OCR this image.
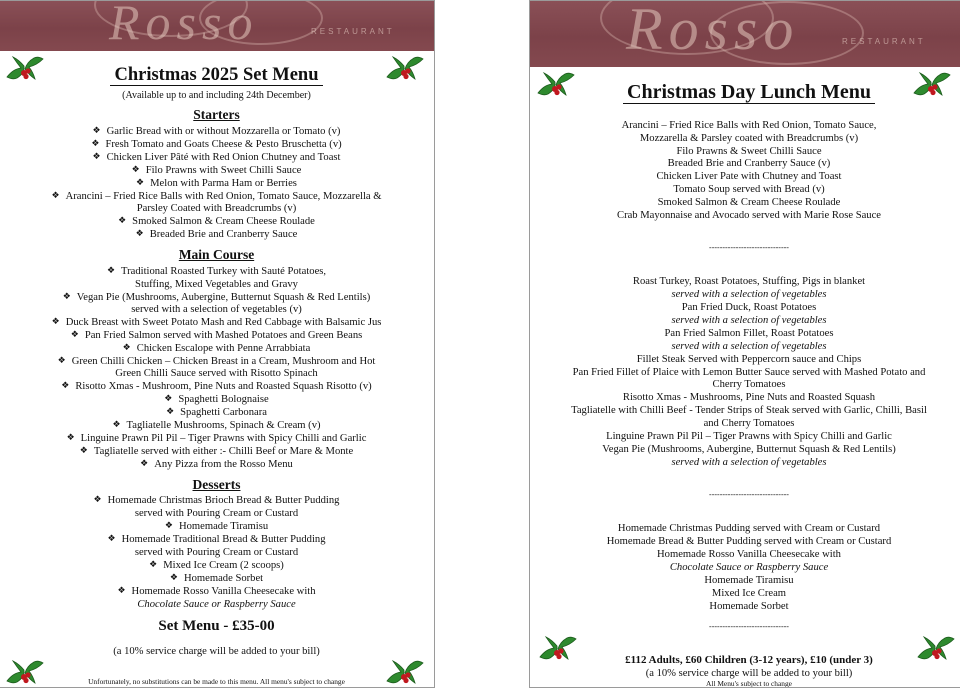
Rosso	RESTAURANT
Christmas 2025 Set Menu
(Available up to and including 24th December)
Starters
❖ Garlic Bread with or without Mozzarella or Tomato (v)
❖ Fresh Tomato and Goats Cheese & Pesto Bruschetta (v)
❖ Chicken Liver Pâté with Red Onion Chutney and Toast
❖ Filo Prawns with Sweet Chilli Sauce
❖ Melon with Parma Ham or Berries
❖ Arancini – Fried Rice Balls with Red Onion, Tomato Sauce, Mozzarella &
Parsley Coated with Breadcrumbs (v)
❖ Smoked Salmon & Cream Cheese Roulade
❖ Breaded Brie and Cranberry Sauce
Main Course
❖ Traditional Roasted Turkey with Sauté Potatoes,
Stuffing, Mixed Vegetables and Gravy
❖ Vegan Pie (Mushrooms, Aubergine, Butternut Squash & Red Lentils)
served with a selection of vegetables (v)
❖ Duck Breast with Sweet Potato Mash and Red Cabbage with Balsamic Jus
❖ Pan Fried Salmon served with Mashed Potatoes and Green Beans
❖ Chicken Escalope with Penne Arrabbiata
❖ Green Chilli Chicken – Chicken Breast in a Cream, Mushroom and Hot
Green Chilli Sauce served with Risotto Spinach
❖ Risotto Xmas - Mushroom, Pine Nuts and Roasted Squash Risotto (v)
❖ Spaghetti Bolognaise
❖ Spaghetti Carbonara
❖ Tagliatelle Mushrooms, Spinach & Cream (v)
❖ Linguine Prawn Pil Pil – Tiger Prawns with Spicy Chilli and Garlic
❖ Tagliatelle served with either :- Chilli Beef or Mare & Monte
❖ Any Pizza from the Rosso Menu
Desserts
❖ Homemade Christmas Brioch Bread & Butter Pudding
served with Pouring Cream or Custard
❖ Homemade Tiramisu
❖ Homemade Traditional Bread & Butter Pudding
served with Pouring Cream or Custard
❖ Mixed Ice Cream (2 scoops)
❖ Homemade Sorbet
❖ Homemade Rosso Vanilla Cheesecake with
Chocolate Sauce or Raspberry Sauce
Set Menu - £35-00
(a 10% service charge will be added to your bill)
Unfortunately, no substitutions can be made to this menu. All menu's subject to change
Rosso	RESTAURANT
Christmas Day Lunch Menu
Arancini – Fried Rice Balls with Red Onion, Tomato Sauce,
Mozzarella & Parsley coated with Breadcrumbs (v)
Filo Prawns & Sweet Chilli Sauce
Breaded Brie and Cranberry Sauce (v)
Chicken Liver Pate with Chutney and Toast
Tomato Soup served with Bread (v)
Smoked Salmon & Cream Cheese Roulade
Crab Mayonnaise and Avocado served with Marie Rose Sauce
------------------------------
Roast Turkey, Roast Potatoes, Stuffing, Pigs in blanket
served with a selection of vegetables
Pan Fried Duck, Roast Potatoes
served with a selection of vegetables
Pan Fried Salmon Fillet, Roast Potatoes
served with a selection of vegetables
Fillet Steak Served with Peppercorn sauce and Chips
Pan Fried Fillet of Plaice with Lemon Butter Sauce served with Mashed Potato and
Cherry Tomatoes
Risotto Xmas - Mushrooms, Pine Nuts and Roasted Squash
Tagliatelle with Chilli Beef - Tender Strips of Steak served with Garlic, Chilli, Basil
and Cherry Tomatoes
Linguine Prawn Pil Pil – Tiger Prawns with Spicy Chilli and Garlic
Vegan Pie (Mushrooms, Aubergine, Butternut Squash & Red Lentils)
served with a selection of vegetables
------------------------------
Homemade Christmas Pudding served with Cream or Custard
Homemade Bread & Butter Pudding served with Cream or Custard
Homemade Rosso Vanilla Cheesecake with
Chocolate Sauce or Raspberry Sauce
Homemade Tiramisu
Mixed Ice Cream
Homemade Sorbet
------------------------------
£112 Adults, £60 Children (3-12 years), £10 (under 3)
(a 10% service charge will be added to your bill)
All Menu's subject to change
